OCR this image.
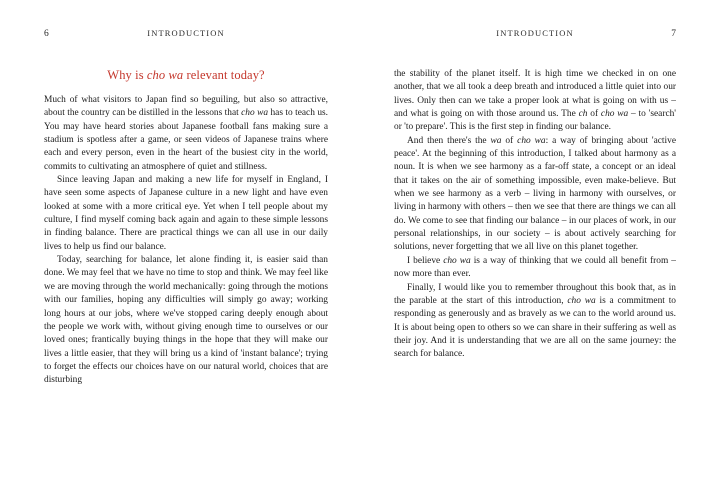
6	INTRODUCTION
Why is cho wa relevant today?

Much of what visitors to Japan find so beguiling, but also so attractive, about the country can be distilled in the lessons that cho wa has to teach us. You may have heard stories about Japanese football fans making sure a stadium is spotless after a game, or seen videos of Japanese trains where each and every person, even in the heart of the busiest city in the world, commits to cultivating an atmosphere of quiet and stillness.

Since leaving Japan and making a new life for myself in England, I have seen some aspects of Japanese culture in a new light and have even looked at some with a more critical eye. Yet when I tell people about my culture, I find myself coming back again and again to these simple lessons in finding balance. There are practical things we can all use in our daily lives to help us find our balance.

Today, searching for balance, let alone finding it, is easier said than done. We may feel that we have no time to stop and think. We may feel like we are moving through the world mechanically: going through the motions with our families, hoping any difficulties will simply go away; working long hours at our jobs, where we've stopped caring deeply enough about the people we work with, without giving enough time to ourselves or our loved ones; frantically buying things in the hope that they will make our lives a little easier, that they will bring us a kind of 'instant balance'; trying to forget the effects our choices have on our natural world, choices that are disturbing

INTRODUCTION	7

the stability of the planet itself. It is high time we checked in on one another, that we all took a deep breath and introduced a little quiet into our lives. Only then can we take a proper look at what is going on with us – and what is going on with those around us. The ch of cho wa – to 'search' or 'to prepare'. This is the first step in finding our balance.

And then there's the wa of cho wa: a way of bringing about 'active peace'. At the beginning of this introduction, I talked about harmony as a noun. It is when we see harmony as a far-off state, a concept or an ideal that it takes on the air of something impossible, even make-believe. But when we see harmony as a verb – living in harmony with ourselves, or living in harmony with others – then we see that there are things we can all do. We come to see that finding our balance – in our places of work, in our personal relationships, in our society – is about actively searching for solutions, never forgetting that we all live on this planet together.

I believe cho wa is a way of thinking that we could all benefit from – now more than ever.

Finally, I would like you to remember throughout this book that, as in the parable at the start of this introduction, cho wa is a commitment to responding as generously and as bravely as we can to the world around us. It is about being open to others so we can share in their suffering as well as their joy. And it is understanding that we are all on the same journey: the search for balance.
